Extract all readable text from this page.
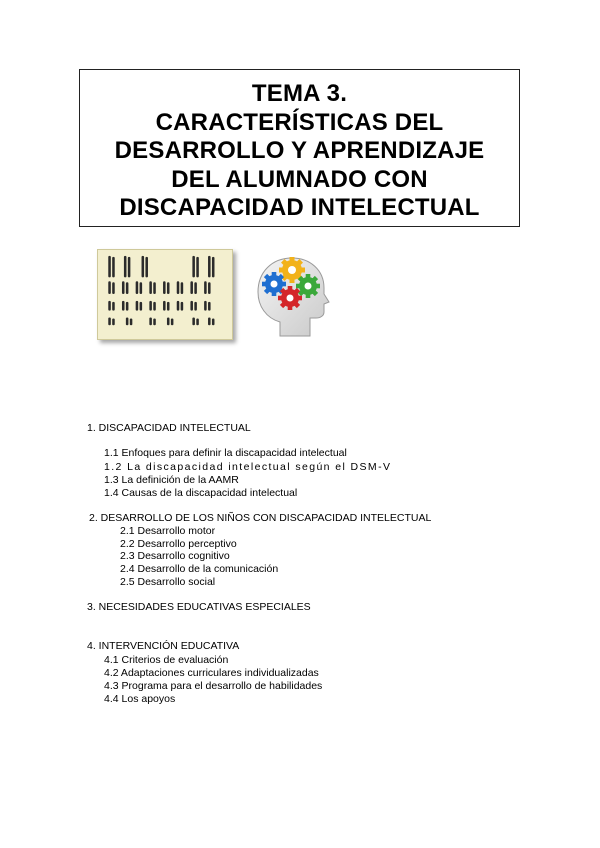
TEMA 3.

CARACTERÍSTICAS DEL

DESARROLLO Y APRENDIZAJE

DEL ALUMNADO CON

DISCAPACIDAD INTELECTUAL

1. DISCAPACIDAD INTELECTUAL
1.1 Enfoques para definir la discapacidad intelectual
1.2 La discapacidad intelectual según el DSM-V
1.3 La definición de la AAMR
1.4 Causas de la discapacidad intelectual
2. DESARROLLO DE LOS NIÑOS CON DISCAPACIDAD INTELECTUAL
2.1 Desarrollo motor
2.2 Desarrollo perceptivo
2.3 Desarrollo cognitivo
2.4 Desarrollo de la comunicación
2.5 Desarrollo social
3. NECESIDADES EDUCATIVAS ESPECIALES
4. INTERVENCIÓN EDUCATIVA
4.1 Criterios de evaluación
4.2 Adaptaciones curriculares individualizadas
4.3 Programa para el desarrollo de habilidades
4.4 Los apoyos
